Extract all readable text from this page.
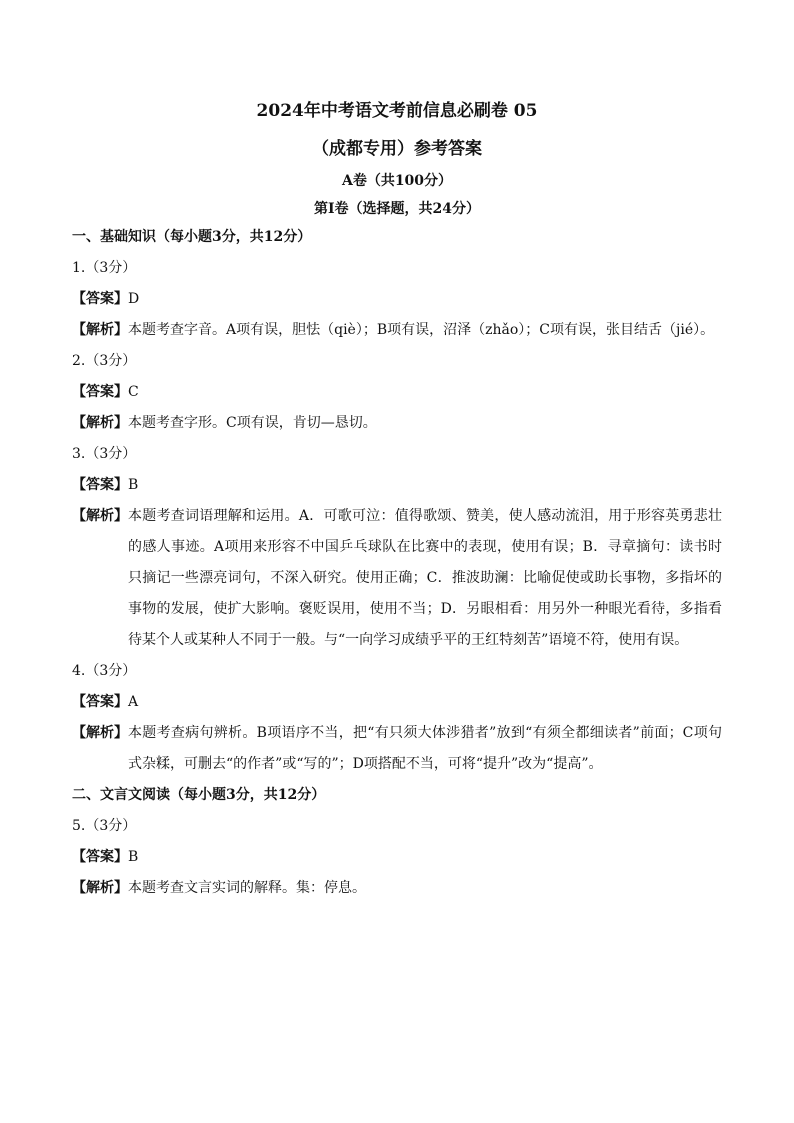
2024年中考语文考前信息必刷卷 05
（成都专用）参考答案
A卷（共100分）
第Ⅰ卷（选择题，共24分）
一、基础知识（每小题3分，共12分）
1.（3分）
【答案】 D
【解析】 本题考查字音。A项有误，胆怯（qiè）；B项有误，沼泽（zhǎo）；C项有误，张目结舌（jié）。
2.（3分）
【答案】 C
【解析】 本题考查字形。C项有误，肯切—恳切。
3.（3分）
【答案】 B
【解析】 本题考查词语理解和运用。A．可歌可泣：值得歌颂、赞美，使人感动流泪，用于形容英勇悲壮的感人事迹。A项用来形容不中国乒乓球队在比赛中的表现，使用有误；B．寻章摘句：读书时只摘记一些漂亮词句，不深入研究。使用正确；C．推波助澜：比喻促使或助长事物，多指坏的事物的发展，使扩大影响。褒贬误用，使用不当；D．另眼相看：用另外一种眼光看待，多指看待某个人或某种人不同于一般。与“一向学习成绩乎平的王红特刻苦”语境不符，使用有误。
4.（3分）
【答案】 A
【解析】 本题考查病句辨析。B项语序不当，把“有只须大体涉猎者”放到“有须全都细读者”前面；C项句式杂糅，可删去“的作者”或“写的”；D项搭配不当，可将“提升”改为“提高”。
二、文言文阅读（每小题3分，共12分）
5.（3分）
【答案】 B
【解析】 本题考查文言实词的解释。集：停息。
